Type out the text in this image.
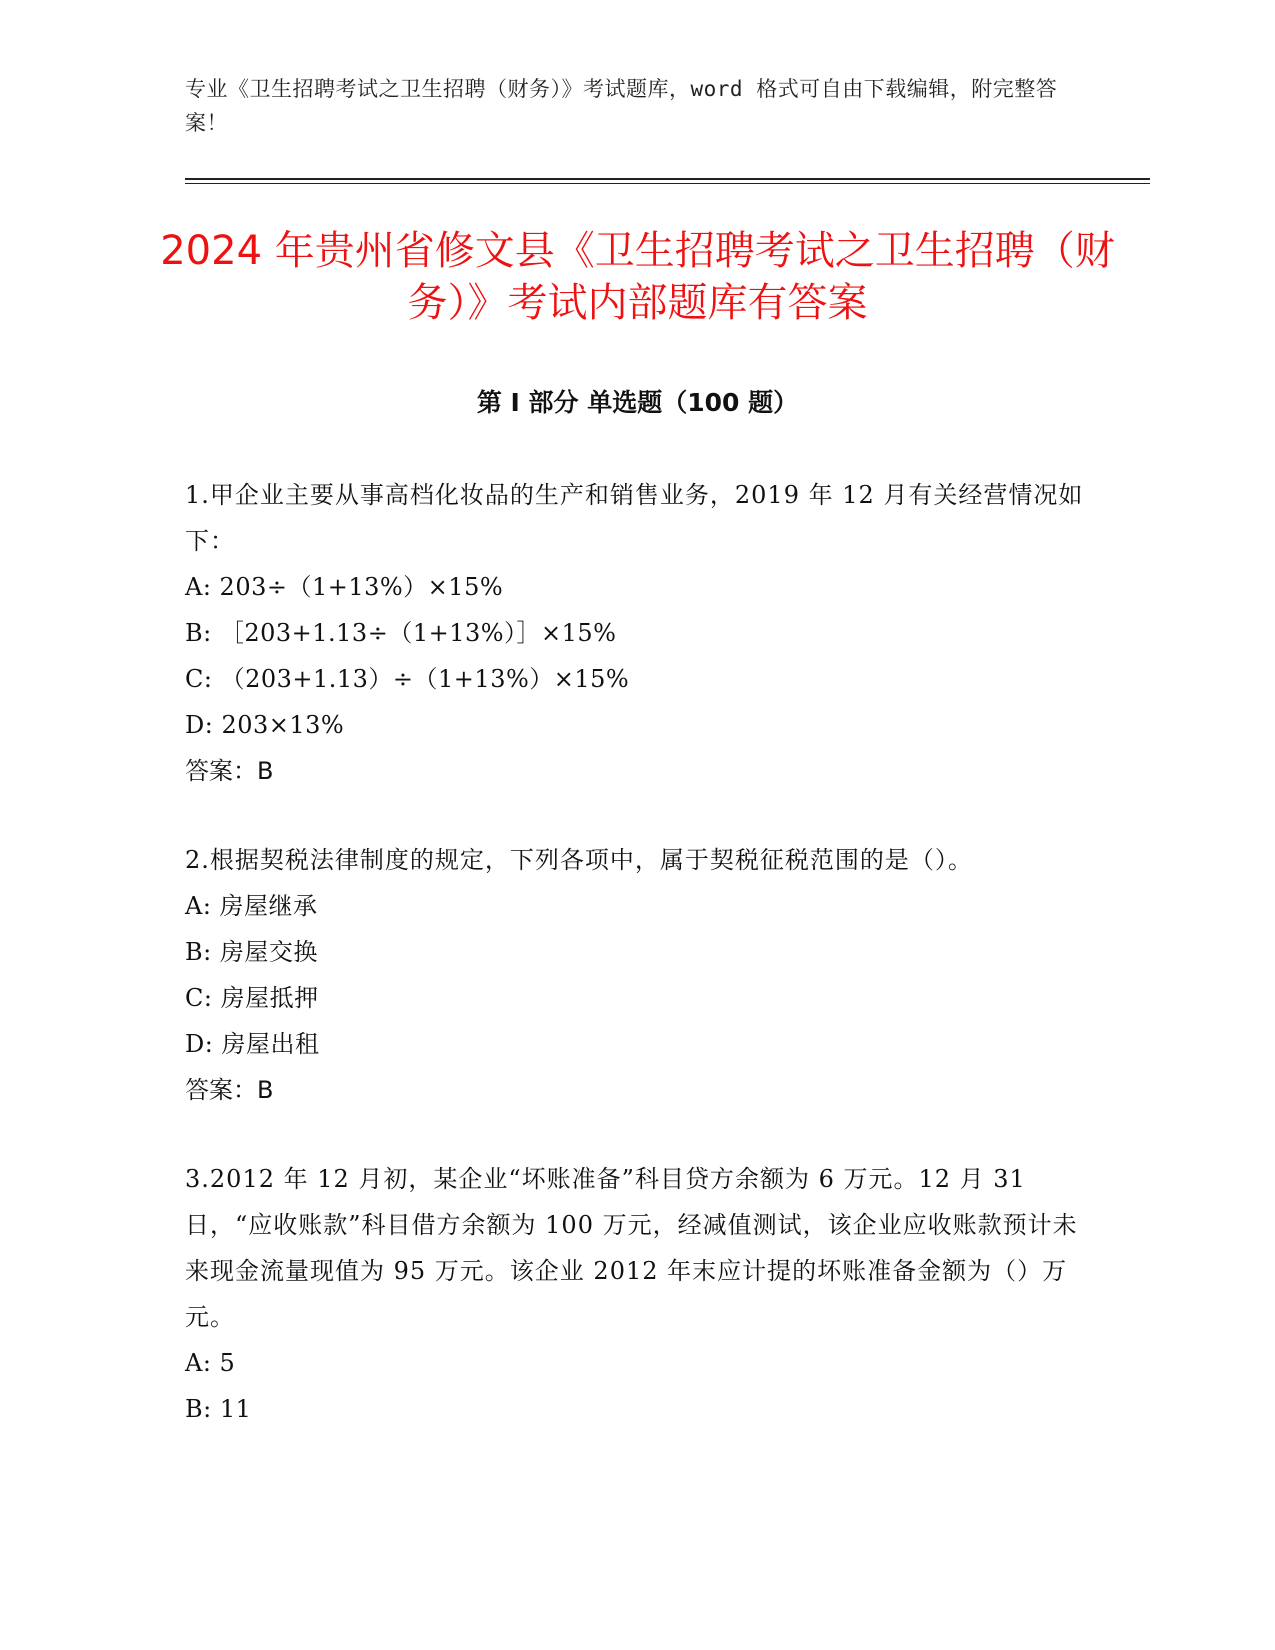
专业《卫生招聘考试之卫生招聘（财务）》考试题库，word 格式可自由下载编辑，附完整答案！
2024 年贵州省修文县《卫生招聘考试之卫生招聘（财务）》考试内部题库有答案
第 I 部分 单选题（100 题）

1.甲企业主要从事高档化妆品的生产和销售业务，2019 年 12 月有关经营情况如下：

A: 203÷（1+13%）×15%

B: ［203+1.13÷（1+13%）］×15%

C: （203+1.13）÷（1+13%）×15%

D: 203×13%

答案：B

2.根据契税法律制度的规定，下列各项中，属于契税征税范围的是（）。

A: 房屋继承

B: 房屋交换

C: 房屋抵押

D: 房屋出租

答案：B

3.2012 年 12 月初，某企业“坏账准备”科目贷方余额为 6 万元。12 月 31 日，“应收账款”科目借方余额为 100 万元，经减值测试，该企业应收账款预计未来现金流量现值为 95 万元。该企业 2012 年末应计提的坏账准备金额为（）万元。

A: 5

B: 11
